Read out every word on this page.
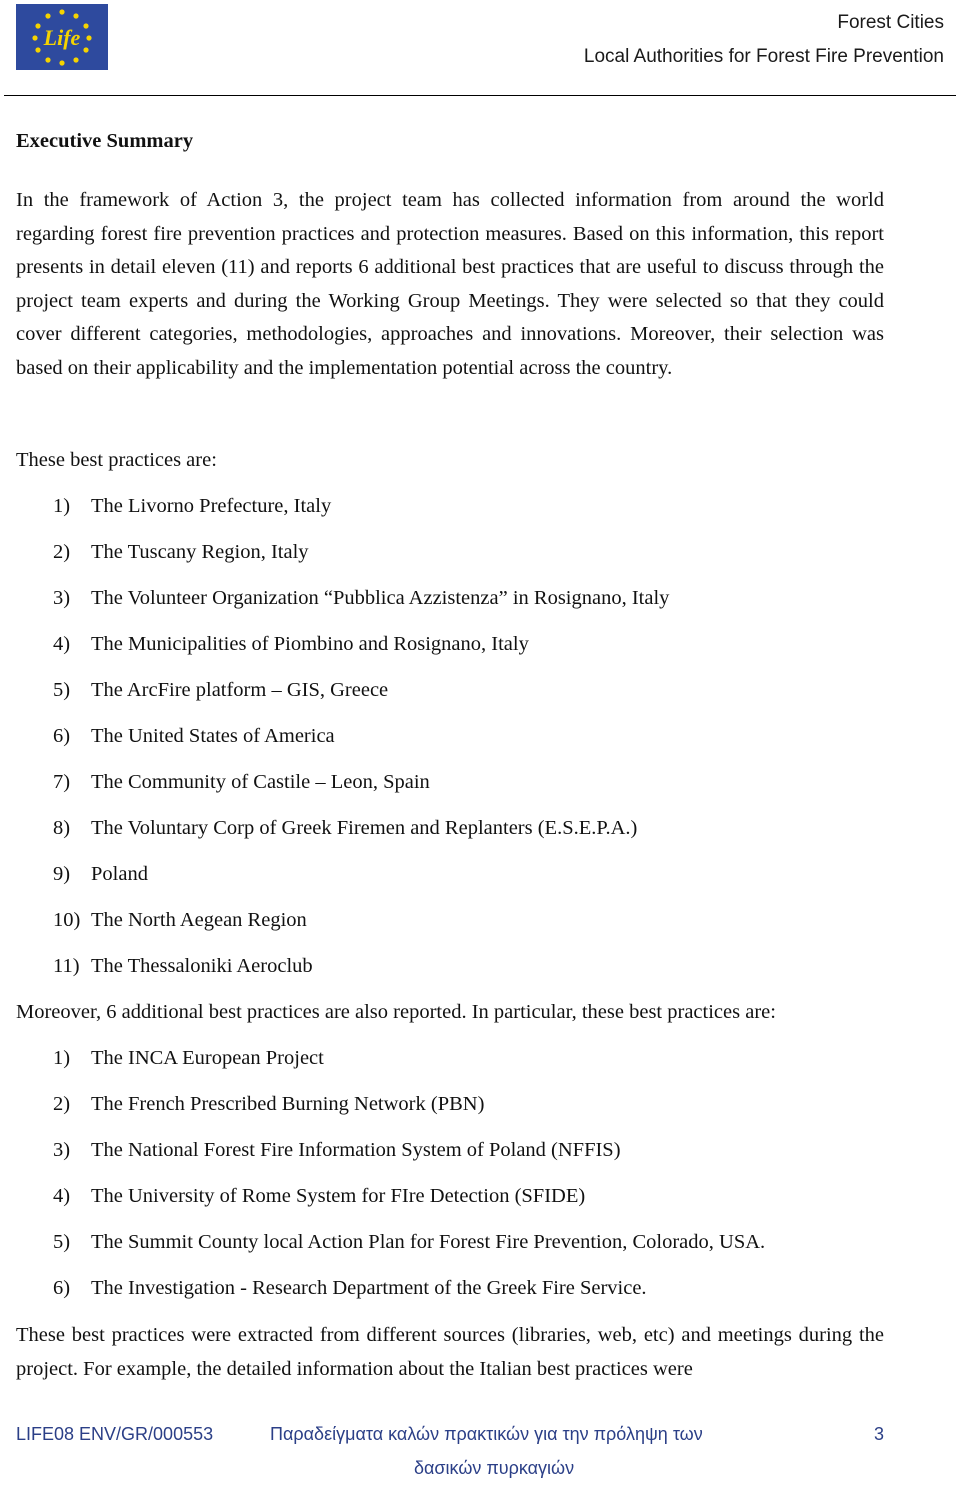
Life
Forest Cities
Local Authorities for Forest Fire Prevention
Executive Summary

In the framework of Action 3, the project team has collected information from around the world regarding forest fire prevention practices and protection measures. Based on this information, this report presents in detail eleven (11) and reports 6 additional best practices that are useful to discuss through the project team experts and during the Working Group Meetings. They were selected so that they could cover different categories, methodologies, approaches and innovations. Moreover, their selection was based on their applicability and the implementation potential across the country.

These best practices are:

1) The Livorno Prefecture, Italy
2) The Tuscany Region, Italy
3) The Volunteer Organization “Pubblica Azzistenza” in Rosignano, Italy
4) The Municipalities of Piombino and Rosignano, Italy
5) The ArcFire platform – GIS, Greece
6) The United States of America
7) The Community of Castile – Leon, Spain
8) The Voluntary Corp of Greek Firemen and Replanters (E.S.E.P.A.)
9) Poland
10) The North Aegean Region
11) The Thessaloniki Aeroclub

Moreover, 6 additional best practices are also reported. In particular, these best practices are:

1) The INCA European Project
2) The French Prescribed Burning Network (PBN)
3) The National Forest Fire Information System of Poland (NFFIS)
4) The University of Rome System for FIre Detection (SFIDE)
5) The Summit County local Action Plan for Forest Fire Prevention, Colorado, USA.
6) The Investigation - Research Department of the Greek Fire Service.

These best practices were extracted from different sources (libraries, web, etc) and meetings during the project. For example, the detailed information about the Italian best practices were

LIFE08 ENV/GR/000553	Παραδείγματα καλών πρακτικών για την πρόληψη των
δασικών πυρκαγιών
3
